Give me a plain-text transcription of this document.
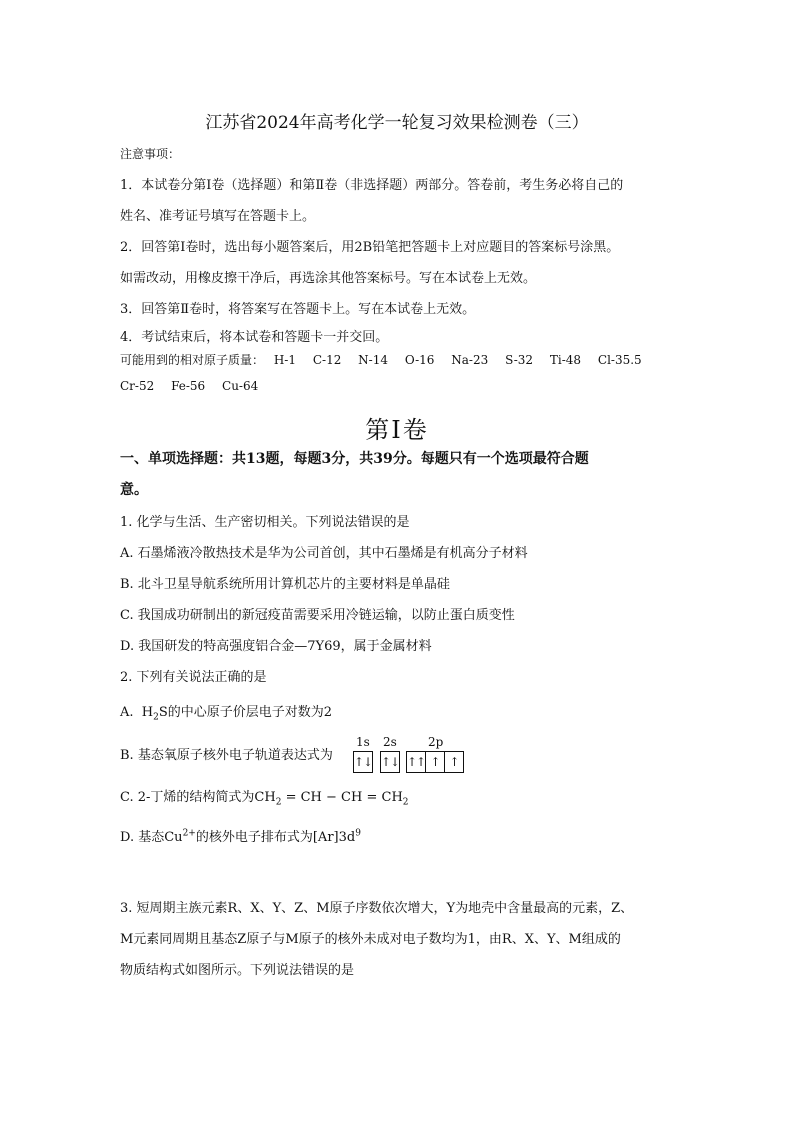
江苏省2024年高考化学一轮复习效果检测卷（三）
注意事项：
1．本试卷分第Ⅰ卷（选择题）和第Ⅱ卷（非选择题）两部分。答卷前，考生务必将自己的
姓名、准考证号填写在答题卡上。
2．回答第Ⅰ卷时，选出每小题答案后，用2B铅笔把答题卡上对应题目的答案标号涂黑。
如需改动，用橡皮擦干净后，再选涂其他答案标号。写在本试卷上无效。
3．回答第Ⅱ卷时，将答案写在答题卡上。写在本试卷上无效。
4．考试结束后，将本试卷和答题卡一并交回。
可能用到的相对原子质量： H-1 C-12 N-14 O-16 Na-23 S-32 Ti-48 Cl-35.5
Cr-52 Fe-56 Cu-64
第Ⅰ卷
一、单项选择题：共13题，每题3分，共39分。每题只有一个选项最符合题
意。
1. 化学与生活、生产密切相关。下列说法错误的是
A. 石墨烯液冷散热技术是华为公司首创，其中石墨烯是有机高分子材料
B. 北斗卫星导航系统所用计算机芯片的主要材料是单晶硅
C. 我国成功研制出的新冠疫苗需要采用冷链运输，以防止蛋白质变性
D. 我国研发的特高强度铝合金—7Y69，属于金属材料
2. 下列有关说法正确的是
A. $H_2S$的中心原子价层电子对数为2
B. 基态氧原子核外电子轨道表达式为
1s 2s	2p
↑↓ ↑↓ ↑↑ ↑ ↑
C. 2-丁烯的结构简式为$CH_2$ = CH − CH = $CH_2$
D. 基态$Cu^{2+}$的核外电子排布式为$[Ar]3d^9$
3. 短周期主族元素R、X、Y、Z、M原子序数依次增大，Y为地壳中含量最高的元素，Z、
M元素同周期且基态Z原子与M原子的核外未成对电子数均为1，由R、X、Y、M组成的
物质结构式如图所示。下列说法错误的是
